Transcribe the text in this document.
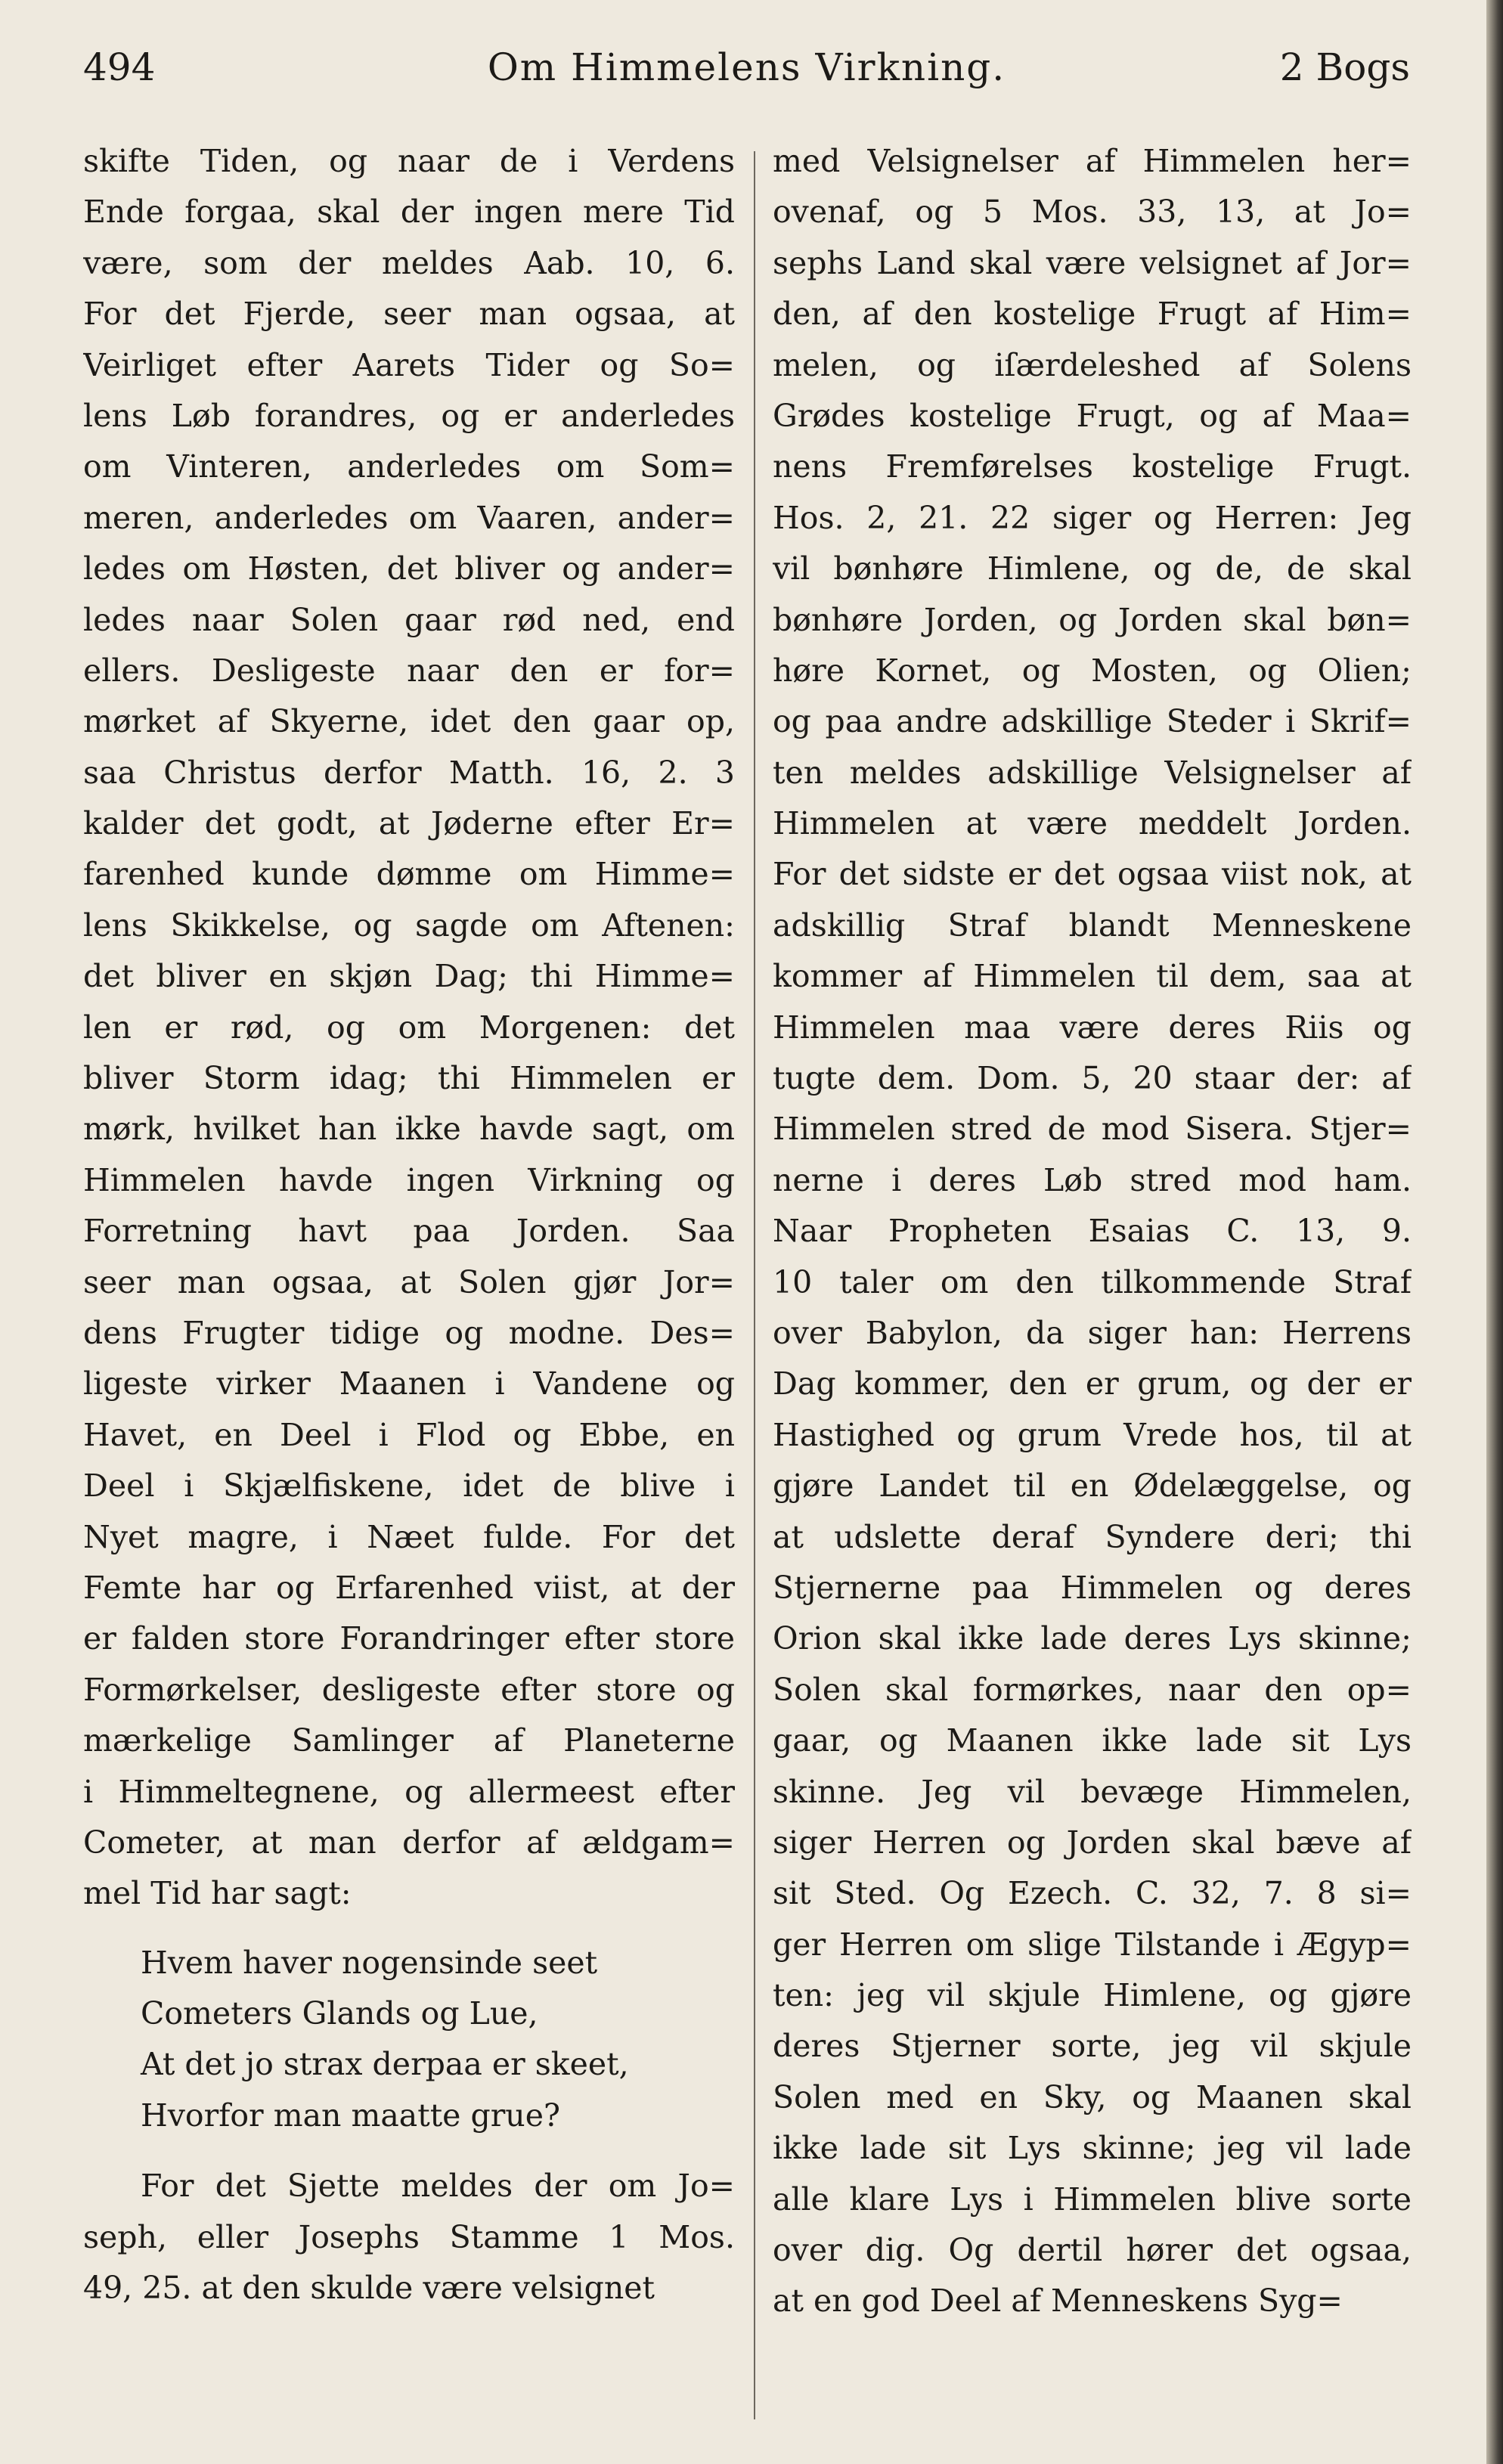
494	Om Himmelens Virkning.	2 Bogs
skifte Tiden, og naar de i Verdens
Ende forgaa, skal der ingen mere Tid
være, som der meldes Aab. 10, 6.
For det Fjerde, seer man ogsaa, at
Veirliget efter Aarets Tider og So=
lens Løb forandres, og er anderledes
om Vinteren, anderledes om Som=
meren, anderledes om Vaaren, ander=
ledes om Høsten, det bliver og ander=
ledes naar Solen gaar rød ned, end
ellers. Desligeste naar den er for=
mørket af Skyerne, idet den gaar op,
saa Christus derfor Matth. 16, 2. 3
kalder det godt, at Jøderne efter Er=
farenhed kunde dømme om Himme=
lens Skikkelse, og sagde om Aftenen:
det bliver en skjøn Dag; thi Himme=
len er rød, og om Morgenen: det
bliver Storm idag; thi Himmelen er
mørk, hvilket han ikke havde sagt, om
Himmelen havde ingen Virkning og
Forretning havt paa Jorden. Saa
seer man ogsaa, at Solen gjør Jor=
dens Frugter tidige og modne. Des=
ligeste virker Maanen i Vandene og
Havet, en Deel i Flod og Ebbe, en
Deel i Skjælfiskene, idet de blive i
Nyet magre, i Næet fulde. For det
Femte har og Erfarenhed viist, at der
er falden store Forandringer efter store
Formørkelser, desligeste efter store og
mærkelige Samlinger af Planeterne
i Himmeltegnene, og allermeest efter
Cometer, at man derfor af ældgam=
mel Tid har sagt:
Hvem haver nogensinde seet
Cometers Glands og Lue,
At det jo strax derpaa er skeet,
Hvorfor man maatte grue?
For det Sjette meldes der om Jo=
seph, eller Josephs Stamme 1 Mos.
49, 25. at den skulde være velsignet
med Velsignelser af Himmelen her=
ovenaf, og 5 Mos. 33, 13, at Jo=
sephs Land skal være velsignet af Jor=
den, af den kostelige Frugt af Him=
melen, og iſærdeleshed af Solens
Grødes kostelige Frugt, og af Maa=
nens Fremførelses kostelige Frugt.
Hos. 2, 21. 22 siger og Herren: Jeg
vil bønhøre Himlene, og de, de skal
bønhøre Jorden, og Jorden skal bøn=
høre Kornet, og Mosten, og Olien;
og paa andre adskillige Steder i Skrif=
ten meldes adskillige Velsignelser af
Himmelen at være meddelt Jorden.
For det sidste er det ogsaa viist nok, at
adskillig Straf blandt Menneskene
kommer af Himmelen til dem, saa at
Himmelen maa være deres Riis og
tugte dem. Dom. 5, 20 staar der: af
Himmelen stred de mod Sisera. Stjer=
nerne i deres Løb stred mod ham.
Naar Propheten Esaias C. 13, 9.
10 taler om den tilkommende Straf
over Babylon, da siger han: Herrens
Dag kommer, den er grum, og der er
Hastighed og grum Vrede hos, til at
gjøre Landet til en Ødelæggelse, og
at udslette deraf Syndere deri; thi
Stjernerne paa Himmelen og deres
Orion skal ikke lade deres Lys skinne;
Solen skal formørkes, naar den op=
gaar, og Maanen ikke lade sit Lys
skinne. Jeg vil bevæge Himmelen,
siger Herren og Jorden skal bæve af
sit Sted. Og Ezech. C. 32, 7. 8 si=
ger Herren om slige Tilstande i Ægyp=
ten: jeg vil skjule Himlene, og gjøre
deres Stjerner sorte, jeg vil skjule
Solen med en Sky, og Maanen skal
ikke lade sit Lys skinne; jeg vil lade
alle klare Lys i Himmelen blive sorte
over dig. Og dertil hører det ogsaa,
at en god Deel af Menneskens Syg=
